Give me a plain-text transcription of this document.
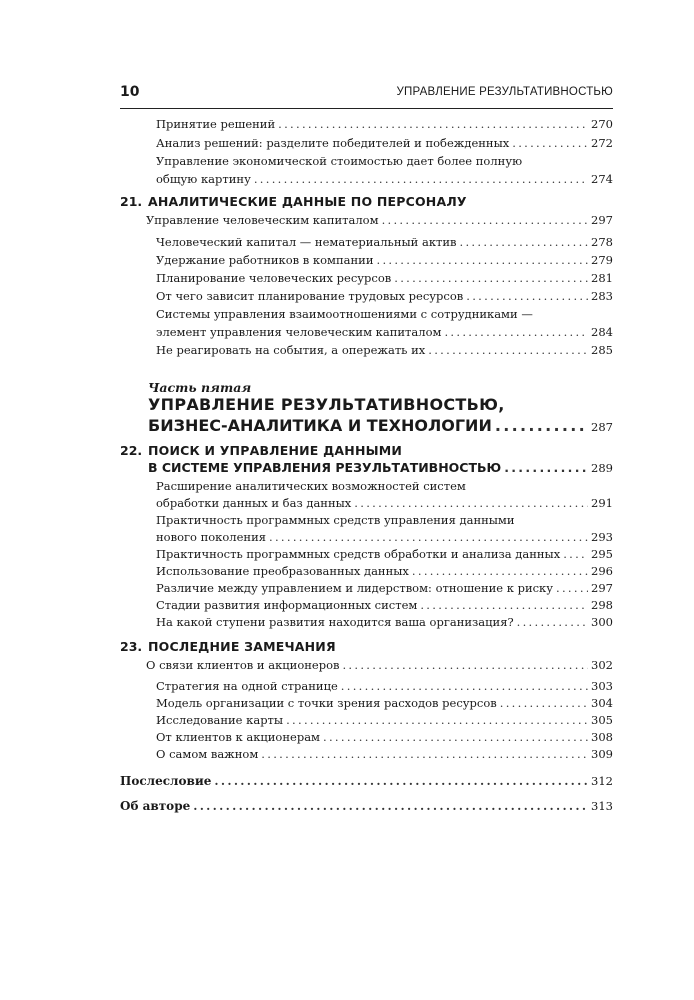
10	УПРАВЛЕНИЕ РЕЗУЛЬТАТИВНОСТЬЮ
Принятие решений .....	270
Анализ решений: разделите победителей и побежденных .....	272
Управление экономической стоимостью дает более полную
общую картину .....	274
21. АНАЛИТИЧЕСКИЕ ДАННЫЕ ПО ПЕРСОНАЛУ
Управление человеческим капиталом .....	297
Человеческий капитал — нематериальный актив .....	278
Удержание работников в компании .....	279
Планирование человеческих ресурсов .....	281
От чего зависит планирование трудовых ресурсов .....	283
Системы управления взаимоотношениями с сотрудниками —
элемент управления человеческим капиталом .....	284
Не реагировать на события, а опережать их .....	285
Часть пятая
УПРАВЛЕНИЕ РЕЗУЛЬТАТИВНОСТЬЮ,
БИЗНЕС-АНАЛИТИКА И ТЕХНОЛОГИИ .....	287
22. ПОИСК И УПРАВЛЕНИЕ ДАННЫМИ
В СИСТЕМЕ УПРАВЛЕНИЯ РЕЗУЛЬТАТИВНОСТЬЮ .....	289
Расширение аналитических возможностей систем
обработки данных и баз данных .....	291
Практичность программных средств управления данными
нового поколения .....	293
Практичность программных средств обработки и анализа данных .....	295
Использование преобразованных данных .....	296
Различие между управлением и лидерством: отношение к риску .....	297
Стадии развития информационных систем .....	298
На какой ступени развития находится ваша организация? .....	300
23. ПОСЛЕДНИЕ ЗАМЕЧАНИЯ
О связи клиентов и акционеров .....	302
Стратегия на одной странице .....	303
Модель организации с точки зрения расходов ресурсов .....	304
Исследование карты .....	305
От клиентов к акционерам .....	308
О самом важном .....	309
Послесловие .....	312
Об авторе .....	313
